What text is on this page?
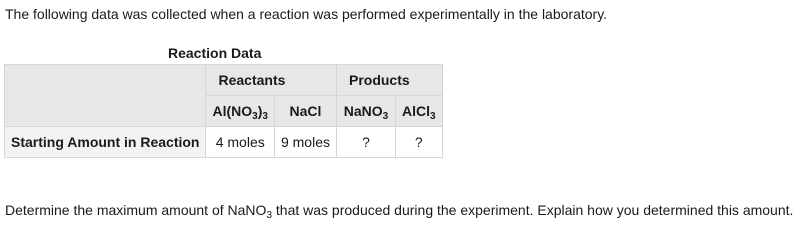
The following data was collected when a reaction was performed experimentally in the laboratory.
Reaction Data
	Reactants		Products	
	$Al(NO_3)_3$	NaCl	NaNO$_3$	AlCl$_3$
Starting Amount in Reaction	4 moles	9 moles	?	?
Determine the maximum amount of NaNO$_3$ that was produced during the experiment. Explain how you determined this amount.
